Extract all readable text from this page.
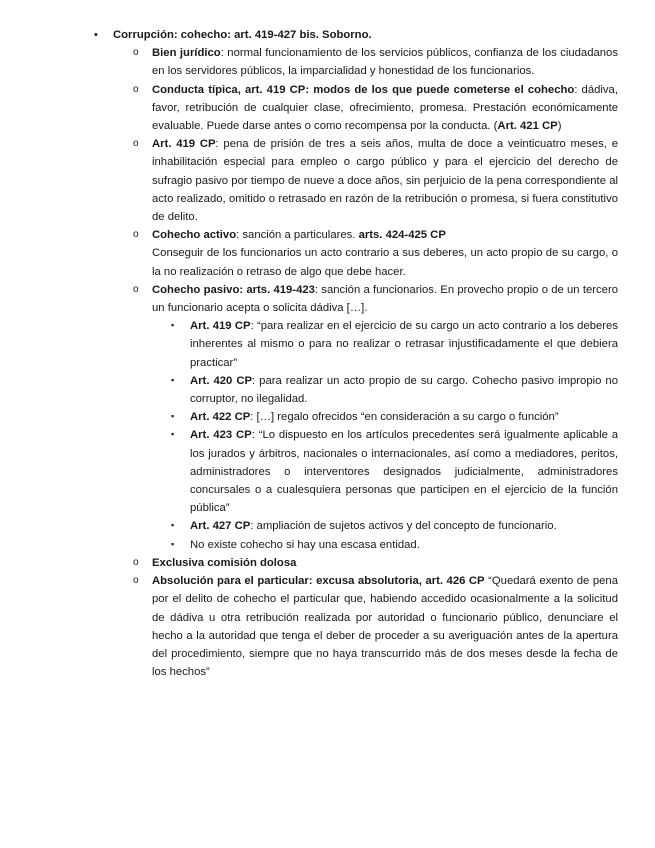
• Corrupción: cohecho: art. 419-427 bis. Soborno.
o Bien jurídico: normal funcionamiento de los servicios públicos, confianza de los ciudadanos en los servidores públicos, la imparcialidad y honestidad de los funcionarios.
o Conducta típica, art. 419 CP: modos de los que puede cometerse el cohecho: dádiva, favor, retribución de cualquier clase, ofrecimiento, promesa. Prestación económicamente evaluable. Puede darse antes o como recompensa por la conducta. (Art. 421 CP)
o Art. 419 CP: pena de prisión de tres a seis años, multa de doce a veinticuatro meses, e inhabilitación especial para empleo o cargo público y para el ejercicio del derecho de sufragio pasivo por tiempo de nueve a doce años, sin perjuicio de la pena correspondiente al acto realizado, omitido o retrasado en razón de la retribución o promesa, si fuera constitutivo de delito.
o Cohecho activo: sanción a particulares. arts. 424-425 CP
Conseguir de los funcionarios un acto contrario a sus deberes, un acto propio de su cargo, o la no realización o retraso de algo que debe hacer.
o Cohecho pasivo: arts. 419-423: sanción a funcionarios. En provecho propio o de un tercero un funcionario acepta o solicita dádiva […].
▪ Art. 419 CP: “para realizar en el ejercicio de su cargo un acto contrario a los deberes inherentes al mismo o para no realizar o retrasar injustificadamente el que debiera practicar”
▪ Art. 420 CP: para realizar un acto propio de su cargo. Cohecho pasivo impropio no corruptor, no ilegalidad.
▪ Art. 422 CP: […] regalo ofrecidos “en consideración a su cargo o función”
▪ Art. 423 CP: “Lo dispuesto en los artículos precedentes será igualmente aplicable a los jurados y árbitros, nacionales o internacionales, así como a mediadores, peritos, administradores o interventores designados judicialmente, administradores concursales o a cualesquiera personas que participen en el ejercicio de la función pública”
▪ Art. 427 CP: ampliación de sujetos activos y del concepto de funcionario.
▪ No existe cohecho si hay una escasa entidad.
o Exclusiva comisión dolosa
o Absolución para el particular: excusa absolutoria, art. 426 CP “Quedará exento de pena por el delito de cohecho el particular que, habiendo accedido ocasionalmente a la solicitud de dádiva u otra retribución realizada por autoridad o funcionario público, denunciare el hecho a la autoridad que tenga el deber de proceder a su averiguación antes de la apertura del procedimiento, siempre que no haya transcurrido más de dos meses desde la fecha de los hechos”
